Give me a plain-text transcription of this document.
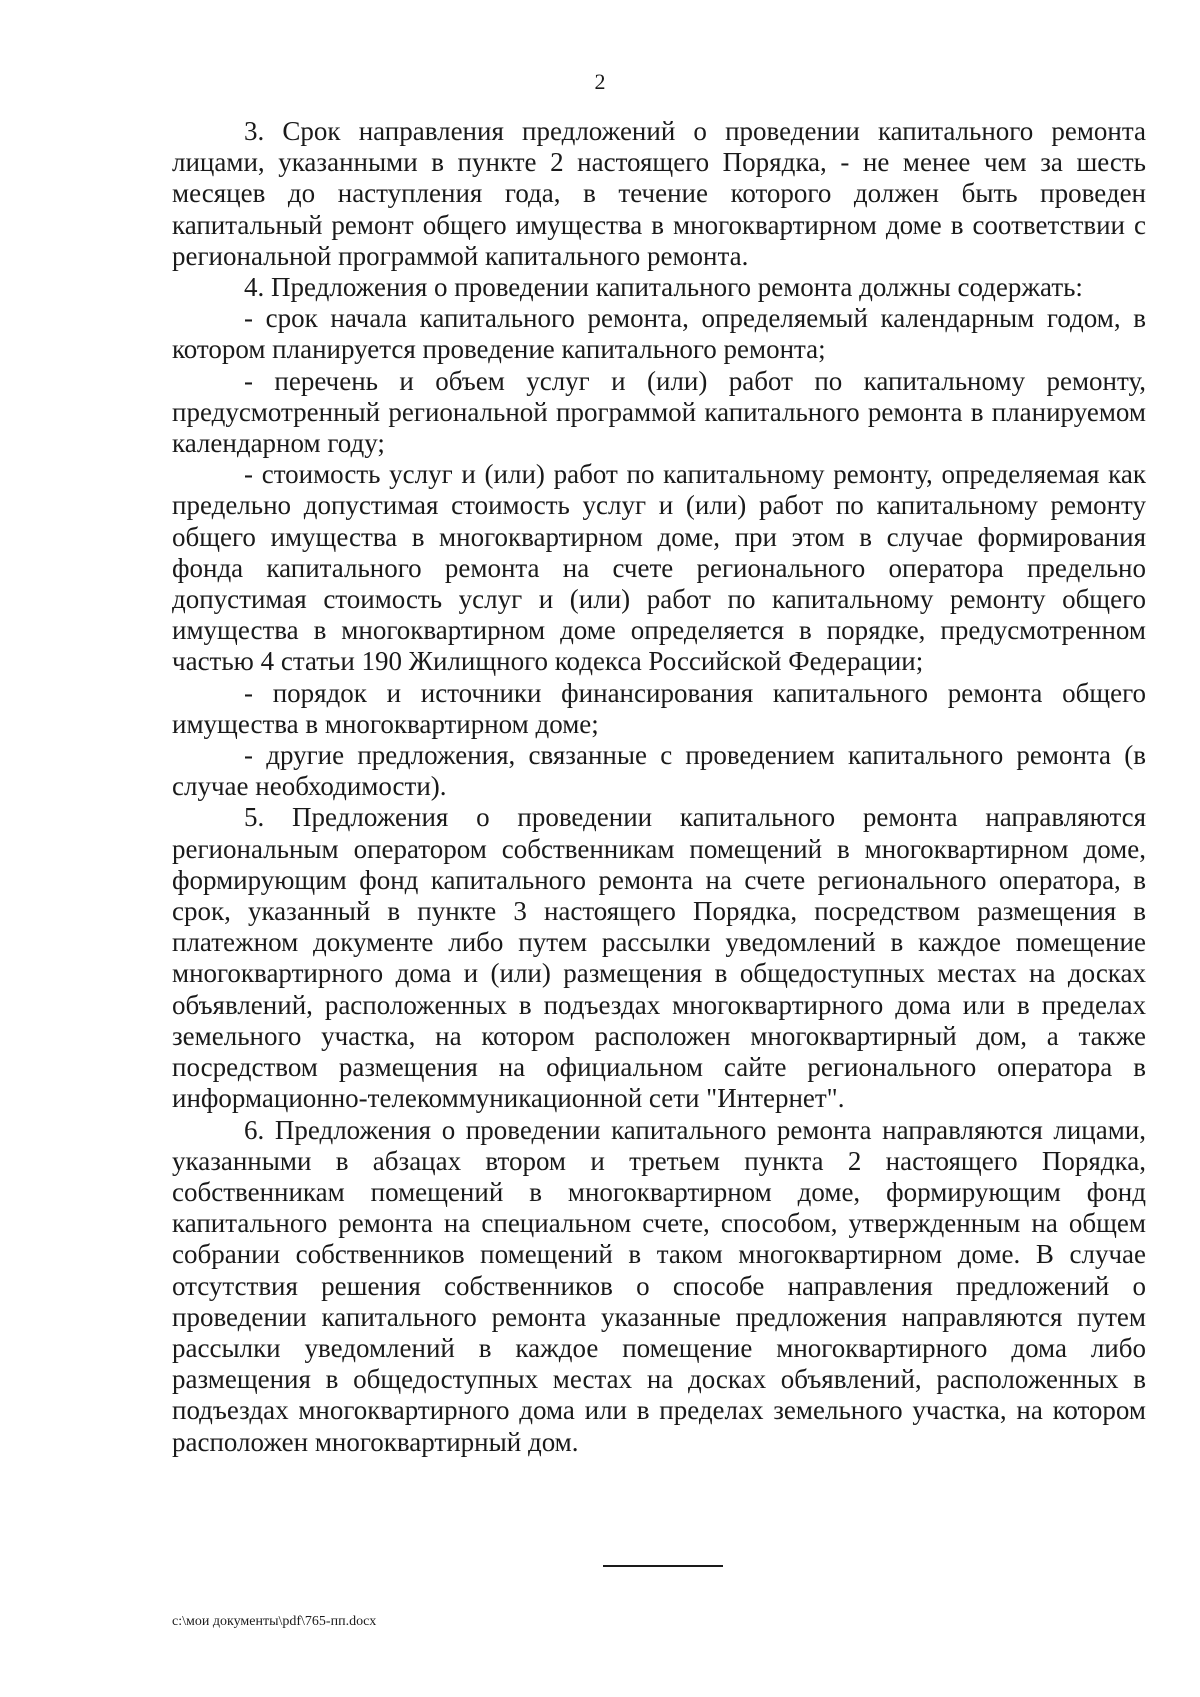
2

3. Срок направления предложений о проведении капитального ремонта лицами, указанными в пункте 2 настоящего Порядка, - не менее чем за шесть месяцев до наступления года, в течение которого должен быть проведен капитальный ремонт общего имущества в многоквартирном доме в соответствии с региональной программой капитального ремонта.

4. Предложения о проведении капитального ремонта должны содержать:

- срок начала капитального ремонта, определяемый календарным годом, в котором планируется проведение капитального ремонта;

- перечень и объем услуг и (или) работ по капитальному ремонту, предусмотренный региональной программой капитального ремонта в планируемом календарном году;

- стоимость услуг и (или) работ по капитальному ремонту, определяемая как предельно допустимая стоимость услуг и (или) работ по капитальному ремонту общего имущества в многоквартирном доме, при этом в случае формирования фонда капитального ремонта на счете регионального оператора предельно допустимая стоимость услуг и (или) работ по капитальному ремонту общего имущества в многоквартирном доме определяется в порядке, предусмотренном частью 4 статьи 190 Жилищного кодекса Российской Федерации;

- порядок и источники финансирования капитального ремонта общего имущества в многоквартирном доме;

- другие предложения, связанные с проведением капитального ремонта (в случае необходимости).

5. Предложения о проведении капитального ремонта направляются региональным оператором собственникам помещений в многоквартирном доме, формирующим фонд капитального ремонта на счете регионального оператора, в срок, указанный в пункте 3 настоящего Порядка, посредством размещения в платежном документе либо путем рассылки уведомлений в каждое помещение многоквартирного дома и (или) размещения в общедоступных местах на досках объявлений, расположенных в подъездах многоквартирного дома или в пределах земельного участка, на котором расположен многоквартирный дом, а также посредством размещения на официальном сайте регионального оператора в информационно-телекоммуникационной сети "Интернет".

6. Предложения о проведении капитального ремонта направляются лицами, указанными в абзацах втором и третьем пункта 2 настоящего Порядка, собственникам помещений в многоквартирном доме, формирующим фонд капитального ремонта на специальном счете, способом, утвержденным на общем собрании собственников помещений в таком многоквартирном доме. В случае отсутствия решения собственников о способе направления предложений о проведении капитального ремонта указанные предложения направляются путем рассылки уведомлений в каждое помещение многоквартирного дома либо размещения в общедоступных местах на досках объявлений, расположенных в подъездах многоквартирного дома или в пределах земельного участка, на котором расположен многоквартирный дом.

c:\мои документы\pdf\765-пп.docx
